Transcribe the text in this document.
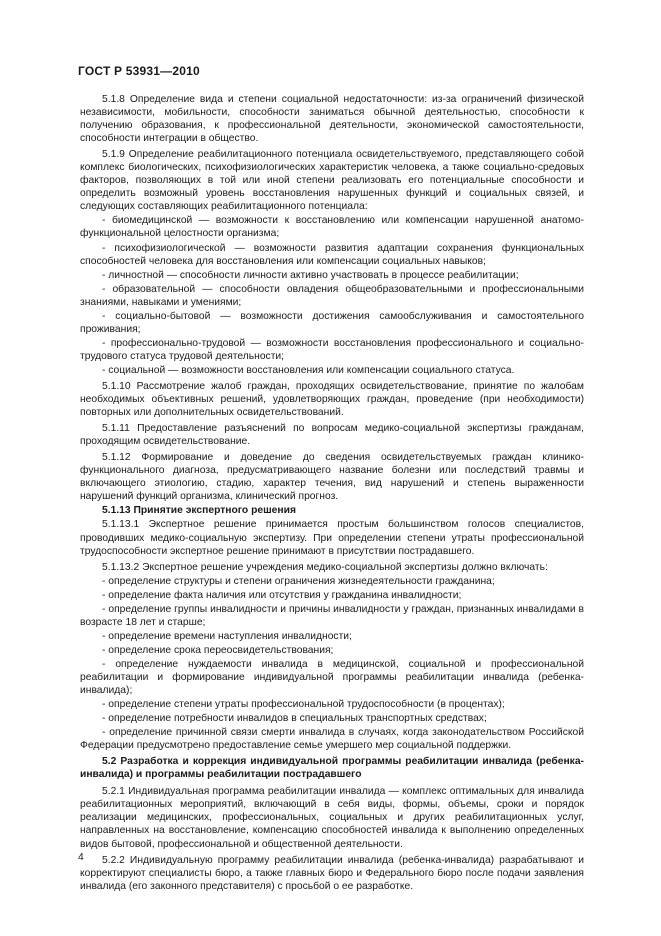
ГОСТ Р 53931—2010

5.1.8 Определение вида и степени социальной недостаточности: из-за ограничений физической независимости, мобильности, способности заниматься обычной деятельностью, способности к получению образования, к профессиональной деятельности, экономической самостоятельности, способности интеграции в общество.

5.1.9 Определение реабилитационного потенциала освидетельствуемого, представляющего собой комплекс биологических, психофизиологических характеристик человека, а также социально-средовых факторов, позволяющих в той или иной степени реализовать его потенциальные способности и определить возможный уровень восстановления нарушенных функций и социальных связей, и следующих составляющих реабилитационного потенциала:

- биомедицинской — возможности к восстановлению или компенсации нарушенной анатомо-функциональной целостности организма;

- психофизиологической — возможности развития адаптации сохранения функциональных способностей человека для восстановления или компенсации социальных навыков;

- личностной — способности личности активно участвовать в процессе реабилитации;

- образовательной — способности овладения общеобразовательными и профессиональными знаниями, навыками и умениями;

- социально-бытовой — возможности достижения самообслуживания и самостоятельного проживания;

- профессионально-трудовой — возможности восстановления профессионального и социально-трудового статуса трудовой деятельности;

- социальной — возможности восстановления или компенсации социального статуса.

5.1.10 Рассмотрение жалоб граждан, проходящих освидетельствование, принятие по жалобам необходимых объективных решений, удовлетворяющих граждан, проведение (при необходимости) повторных или дополнительных освидетельствований.

5.1.11 Предоставление разъяснений по вопросам медико-социальной экспертизы гражданам, проходящим освидетельствование.

5.1.12 Формирование и доведение до сведения освидетельствуемых граждан клинико-функционального диагноза, предусматривающего название болезни или последствий травмы и включающего этиологию, стадию, характер течения, вид нарушений и степень выраженности нарушений функций организма, клинический прогноз.

5.1.13 Принятие экспертного решения

5.1.13.1 Экспертное решение принимается простым большинством голосов специалистов, проводивших медико-социальную экспертизу. При определении степени утраты профессиональной трудоспособности экспертное решение принимают в присутствии пострадавшего.

5.1.13.2 Экспертное решение учреждения медико-социальной экспертизы должно включать:

- определение структуры и степени ограничения жизнедеятельности гражданина;

- определение факта наличия или отсутствия у гражданина инвалидности;

- определение группы инвалидности и причины инвалидности у граждан, признанных инвалидами в возрасте 18 лет и старше;

- определение времени наступления инвалидности;

- определение срока переосвидетельствования;

- определение нуждаемости инвалида в медицинской, социальной и профессиональной реабилитации и формирование индивидуальной программы реабилитации инвалида (ребенка-инвалида);

- определение степени утраты профессиональной трудоспособности (в процентах);

- определение потребности инвалидов в специальных транспортных средствах;

- определение причинной связи смерти инвалида в случаях, когда законодательством Российской Федерации предусмотрено предоставление семье умершего мер социальной поддержки.

5.2 Разработка и коррекция индивидуальной программы реабилитации инвалида (ребенка-инвалида) и программы реабилитации пострадавшего

5.2.1 Индивидуальная программа реабилитации инвалида — комплекс оптимальных для инвалида реабилитационных мероприятий, включающий в себя виды, формы, объемы, сроки и порядок реализации медицинских, профессиональных, социальных и других реабилитационных услуг, направленных на восстановление, компенсацию способностей инвалида к выполнению определенных видов бытовой, профессиональной и общественной деятельности.

5.2.2 Индивидуальную программу реабилитации инвалида (ребенка-инвалида) разрабатывают и корректируют специалисты бюро, а также главных бюро и Федерального бюро после подачи заявления инвалида (его законного представителя) с просьбой о ее разработке.

4
